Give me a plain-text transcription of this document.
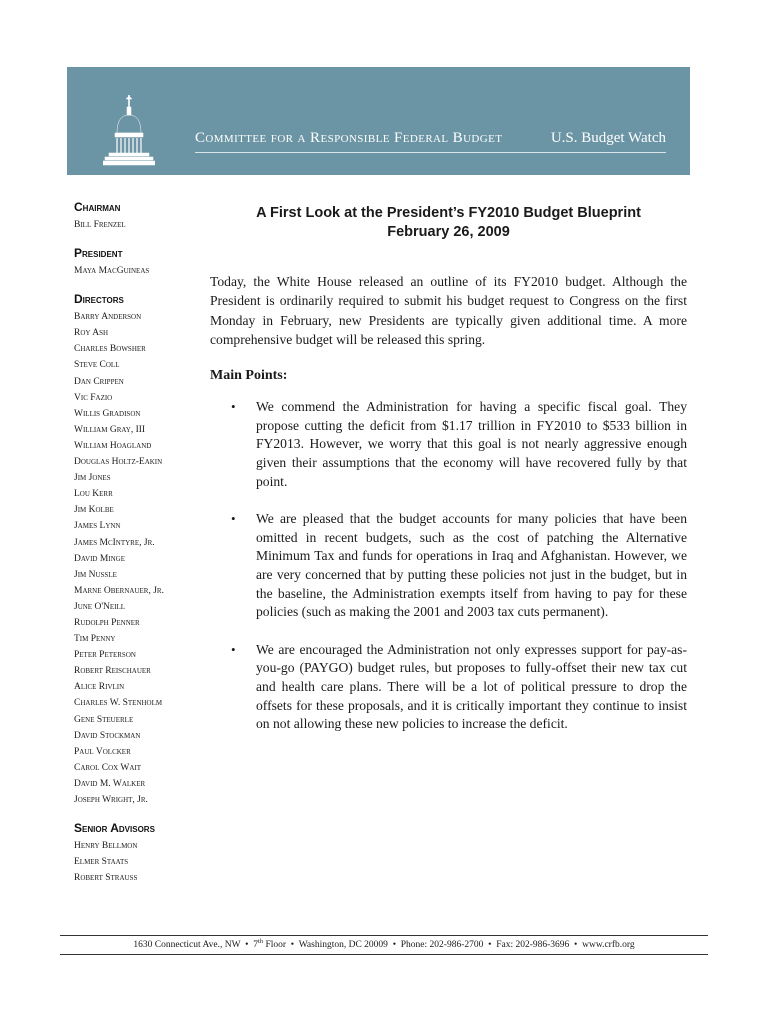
Committee for a Responsible Federal Budget	U.S. Budget Watch
Chairman
Bill Frenzel
President
Maya MacGuineas
Directors
Barry Anderson
Roy Ash
Charles Bowsher
Steve Coll
Dan Crippen
Vic Fazio
Willis Gradison
William Gray, III
William Hoagland
Douglas Holtz-Eakin
Jim Jones
Lou Kerr
Jim Kolbe
James Lynn
James McIntyre, Jr.
David Minge
Jim Nussle
Marne Obernauer, Jr.
June O'Neill
Rudolph Penner
Tim Penny
Peter Peterson
Robert Reischauer
Alice Rivlin
Charles W. Stenholm
Gene Steuerle
David Stockman
Paul Volcker
Carol Cox Wait
David M. Walker
Joseph Wright, Jr.
Senior Advisors
Henry Bellmon
Elmer Staats
Robert Strauss
A First Look at the President’s FY2010 Budget Blueprint
February 26, 2009

Today, the White House released an outline of its FY2010 budget. Although the President is ordinarily required to submit his budget request to Congress on the first Monday in February, new Presidents are typically given additional time. A more comprehensive budget will be released this spring.

Main Points:
• We commend the Administration for having a specific fiscal goal. They propose cutting the deficit from $1.17 trillion in FY2010 to $533 billion in FY2013. However, we worry that this goal is not nearly aggressive enough given their assumptions that the economy will have recovered fully by that point.
• We are pleased that the budget accounts for many policies that have been omitted in recent budgets, such as the cost of patching the Alternative Minimum Tax and funds for operations in Iraq and Afghanistan. However, we are very concerned that by putting these policies not just in the budget, but in the baseline, the Administration exempts itself from having to pay for these policies (such as making the 2001 and 2003 tax cuts permanent).
• We are encouraged the Administration not only expresses support for pay-as-you-go (PAYGO) budget rules, but proposes to fully-offset their new tax cut and health care plans. There will be a lot of political pressure to drop the offsets for these proposals, and it is critically important they continue to insist on not allowing these new policies to increase the deficit.
1630 Connecticut Ave., NW • 7th Floor • Washington, DC 20009 • Phone: 202-986-2700 • Fax: 202-986-3696 • www.crfb.org
